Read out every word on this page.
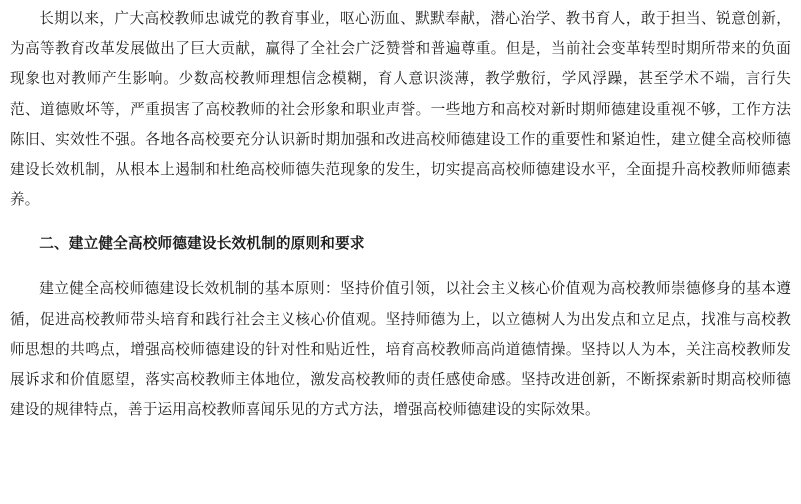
长期以来，广大高校教师忠诚党的教育事业，呕心沥血、默默奉献，潜心治学、教书育人，敢于担当、锐意创新，为高等教育改革发展做出了巨大贡献，赢得了全社会广泛赞誉和普遍尊重。但是，当前社会变革转型时期所带来的负面现象也对教师产生影响。少数高校教师理想信念模糊，育人意识淡薄，教学敷衍，学风浮躁，甚至学术不端，言行失范、道德败坏等，严重损害了高校教师的社会形象和职业声誉。一些地方和高校对新时期师德建设重视不够，工作方法陈旧、实效性不强。各地各高校要充分认识新时期加强和改进高校师德建设工作的重要性和紧迫性，建立健全高校师德建设长效机制，从根本上遏制和杜绝高校师德失范现象的发生，切实提高高校师德建设水平，全面提升高校教师师德素养。

二、建立健全高校师德建设长效机制的原则和要求

建立健全高校师德建设长效机制的基本原则：坚持价值引领，以社会主义核心价值观为高校教师崇德修身的基本遵循，促进高校教师带头培育和践行社会主义核心价值观。坚持师德为上，以立德树人为出发点和立足点，找准与高校教师思想的共鸣点，增强高校师德建设的针对性和贴近性，培育高校教师高尚道德情操。坚持以人为本，关注高校教师发展诉求和价值愿望，落实高校教师主体地位，激发高校教师的责任感使命感。坚持改进创新，不断探索新时期高校师德建设的规律特点，善于运用高校教师喜闻乐见的方式方法，增强高校师德建设的实际效果。
